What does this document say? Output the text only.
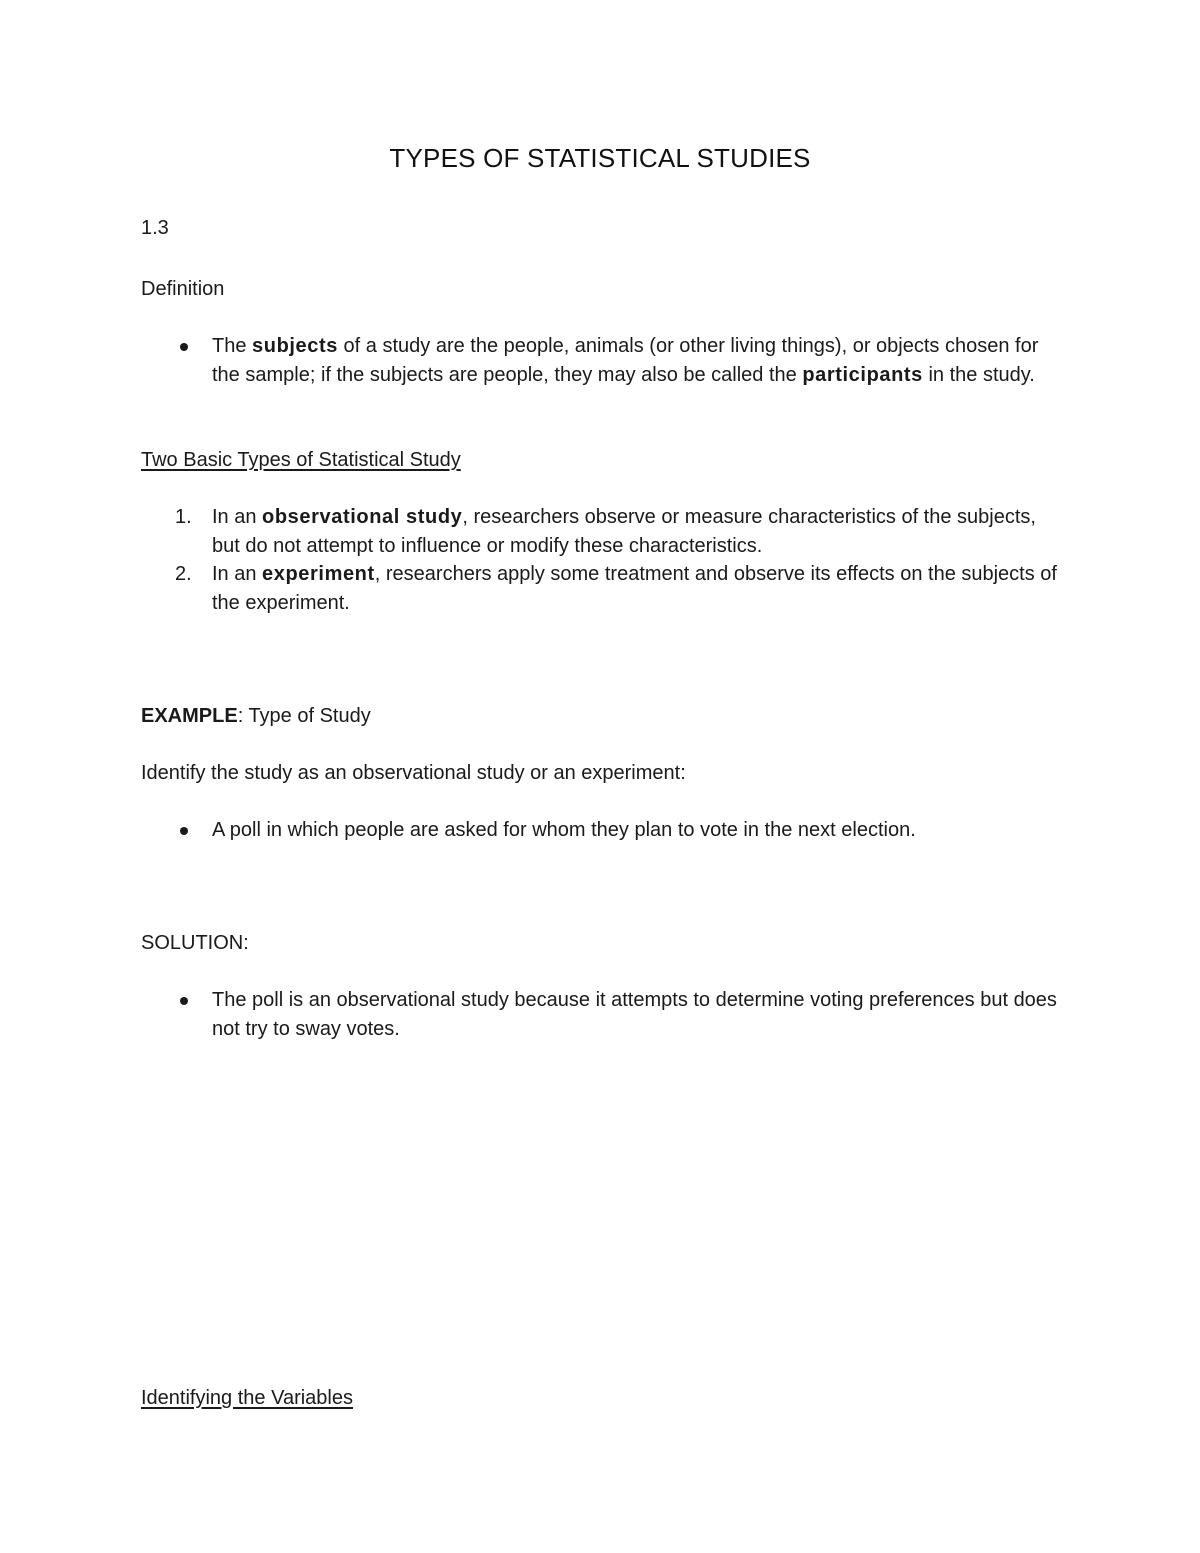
TYPES OF STATISTICAL STUDIES

1.3

Definition

The subjects of a study are the people, animals (or other living things), or objects chosen for the sample; if the subjects are people, they may also be called the participants in the study.

Two Basic Types of Statistical Study

1.	In an observational study, researchers observe or measure characteristics of the subjects, but do not attempt to influence or modify these characteristics.
2.	In an experiment, researchers apply some treatment and observe its effects on the subjects of the experiment.

EXAMPLE: Type of Study

Identify the study as an observational study or an experiment:

A poll in which people are asked for whom they plan to vote in the next election.

SOLUTION:

The poll is an observational study because it attempts to determine voting preferences but does not try to sway votes.

Identifying the Variables
